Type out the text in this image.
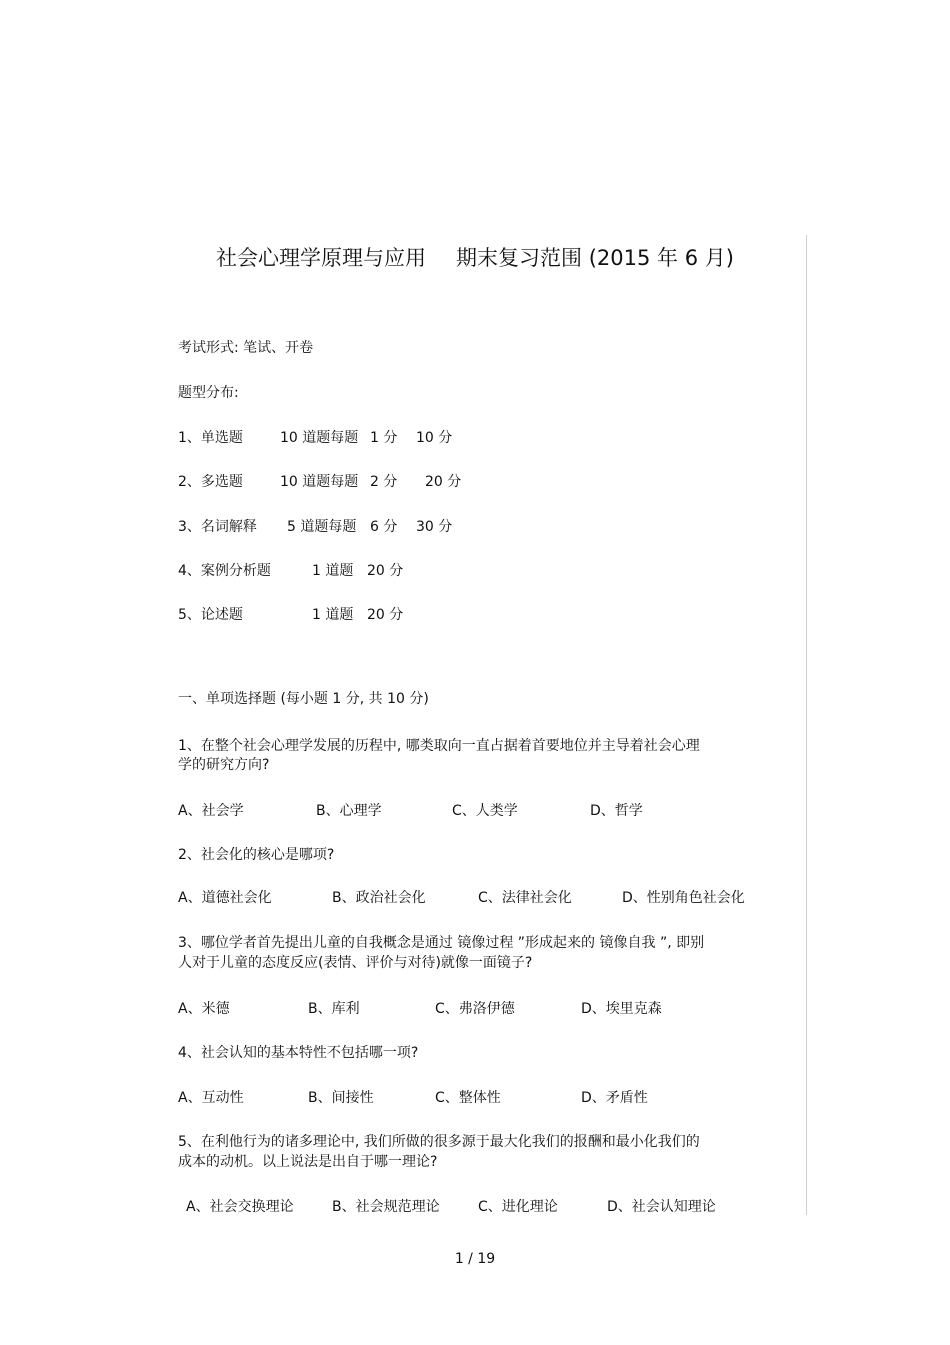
社会心理学原理与应用 期末复习范围 (2015 年 6 月)
考试形式: 笔试、开卷
题型分布:
1、单选题	10 道题每题 1 分 10 分
2、多选题	10 道题每题 2 分 20 分
3、名词解释 5 道题每题 6 分 30 分
4、案例分析题	1 道题 20 分
5、论述题	1 道题 20 分
一、单项选择题 (每小题 1 分, 共 10 分)
1、在整个社会心理学发展的历程中, 哪类取向一直占据着首要地位并主导着社会心理
学的研究方向?
A、社会学	B、心理学	C、人类学	D、哲学
2、社会化的核心是哪项?
A、道德社会化	B、政治社会化	C、法律社会化	D、性别角色社会化
3、哪位学者首先提出儿童的自我概念是通过 镜像过程 ”形成起来的 镜像自我 ”, 即别
人对于儿童的态度反应(表情、评价与对待)就像一面镜子?
A、米德	B、库利	C、弗洛伊德	D、埃里克森
4、社会认知的基本特性不包括哪一项?
A、互动性	B、间接性	C、整体性	D、矛盾性
5、在利他行为的诸多理论中, 我们所做的很多源于最大化我们的报酬和最小化我们的
成本的动机。以上说法是出自于哪一理论?
A、社会交换理论	B、社会规范理论	C、进化理论	D、社会认知理论
1 / 19
